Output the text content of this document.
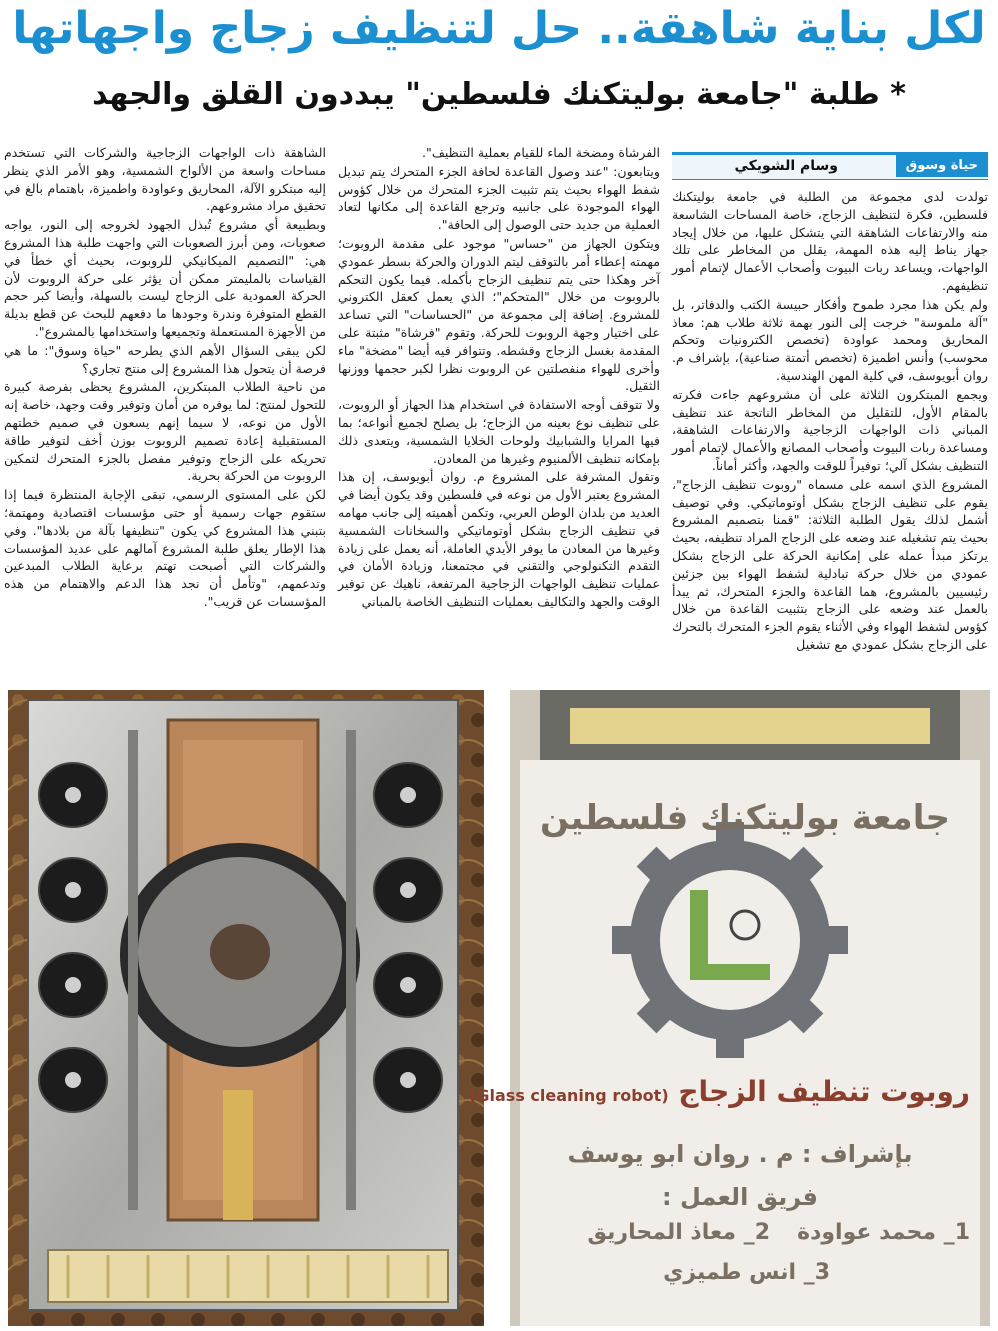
لكل بناية شاهقة.. حل لتنظيف زجاج واجهاتها
* طلبة "جامعة بوليتكنك فلسطين" يبددون القلق والجهد
حياة وسوق
وسام الشويكي

تولدت لدى مجموعة من الطلبة في جامعة بوليتكنك فلسطين، فكرة لتنظيف الزجاج، خاصة المساحات الشاسعة منه والارتفاعات الشاهقة التي يتشكل عليها، من خلال إيجاد جهاز يناط إليه هذه المهمة، يقلل من المخاطر على تلك الواجهات، ويساعد ربات البيوت وأصحاب الأعمال لإتمام أمور تنظيفهم.

ولم يكن هذا مجرد طموح وأفكار حبيسة الكتب والدفاتر، بل "آلة ملموسة" خرجت إلى النور بهمة ثلاثة طلاب هم: معاذ المحاريق ومحمد عواودة (تخصص الكترونيات وتحكم محوسب) وأنس اطميزة (تخصص أتمتة صناعية)، بإشراف م. روان أبويوسف، في كلية المهن الهندسية.

ويجمع المبتكرون الثلاثة على أن مشروعهم جاءت فكرته بالمقام الأول، للتقليل من المخاطر الناتجة عند تنظيف المباني ذات الواجهات الزجاجية والارتفاعات الشاهقة، ومساعدة ربات البيوت وأصحاب المصانع والأعمال لإتمام أمور التنظيف بشكل آلي؛ توفيراً للوقت والجهد، وأكثر أماناً.

المشروع الذي اسمه على مسماه "روبوت تنظيف الزجاج"، يقوم على تنظيف الزجاج بشكل أوتوماتيكي. وفي توصيف أشمل لذلك يقول الطلبة الثلاثة: "قمنا بتصميم المشروع بحيث يتم تشغيله عند وضعه على الزجاج المراد تنظيفه، بحيث يرتكز مبدأ عمله على إمكانية الحركة على الزجاج بشكل عمودي من خلال حركة تبادلية لشفط الهواء بين جزئين رئيسيين بالمشروع، هما القاعدة والجزء المتحرك، ثم يبدأ بالعمل عند وضعه على الزجاج بتثبيت القاعدة من خلال كؤوس لشفط الهواء وفي الأثناء يقوم الجزء المتحرك بالتحرك على الزجاج بشكل عمودي مع تشغيل

الفرشاة ومضخة الماء للقيام بعملية التنظيف".

ويتابعون: "عند وصول القاعدة لحافة الجزء المتحرك يتم تبديل شفط الهواء بحيث يتم تثبيت الجزء المتحرك من خلال كؤوس الهواء الموجودة على جانبيه وترجع القاعدة إلى مكانها لتعاد العملية من جديد حتى الوصول إلى الحافة".

ويتكون الجهاز من "حساس" موجود على مقدمة الروبوت؛ مهمته إعطاء أمر بالتوقف ليتم الدوران والحركة بسطر عمودي آخر وهكذا حتى يتم تنظيف الزجاج بأكمله. فيما يكون التحكم بالروبوت من خلال "المتحكم"؛ الذي يعمل كعقل الكتروني للمشروع. إضافة إلى مجموعة من "الحساسات" التي تساعد على اختيار وجهة الروبوت للحركة. وتقوم "فرشاة" مثبتة على المقدمة بغسل الزجاج وقشطه. وتتوافر فيه أيضا "مضخة" ماء وأخرى للهواء منفصلتين عن الروبوت نظرا لكبر حجمها ووزنها الثقيل.

ولا تتوقف أوجه الاستفادة في استخدام هذا الجهاز أو الروبوت، على تنظيف نوع بعينه من الزجاج؛ بل يصلح لجميع أنواعه؛ بما فيها المرايا والشبابيك ولوحات الخلايا الشمسية، ويتعدى ذلك بإمكانه تنظيف الألمنيوم وغيرها من المعادن.

وتقول المشرفة على المشروع م. روان أبويوسف، إن هذا المشروع يعتبر الأول من نوعه في فلسطين وقد يكون أيضا في العديد من بلدان الوطن العربي، وتكمن أهميته إلى جانب مهامه في تنظيف الزجاج بشكل أوتوماتيكي والسخانات الشمسية وغيرها من المعادن ما يوفر الأيدي العاملة، أنه يعمل على زيادة التقدم التكنولوجي والتقني في مجتمعنا، وزيادة الأمان في عمليات تنظيف الواجهات الزجاجية المرتفعة، ناهيك عن توفير الوقت والجهد والتكاليف بعمليات التنظيف الخاصة بالمباني

الشاهقة ذات الواجهات الزجاجية والشركات التي تستخدم مساحات واسعة من الألواح الشمسية، وهو الأمر الذي ينظر إليه مبتكرو الآلة، المحاريق وعواودة واطميزة، باهتمام بالغ في تحقيق مراد مشروعهم.

وبطبيعة أي مشروع تُبذل الجهود لخروجه إلى النور، يواجه صعوبات، ومن أبرز الصعوبات التي واجهت طلبة هذا المشروع هي: "التصميم الميكانيكي للروبوت، بحيث أي خطأ في القياسات بالمليمتر ممكن أن يؤثر على حركة الروبوت لأن الحركة العمودية على الزجاج ليست بالسهلة، وأيضا كبر حجم القطع المتوفرة وندرة وجودها ما دفعهم للبحث عن قطع بديلة من الأجهزة المستعملة وتجميعها واستخدامها بالمشروع".

لكن يبقى السؤال الأهم الذي يطرحه "حياة وسوق": ما هي فرصة أن يتحول هذا المشروع إلى منتج تجاري؟

من ناحية الطلاب المبتكرين، المشروع يحظى بفرصة كبيرة للتحول لمنتج: لما يوفره من أمان وتوفير وقت وجهد، خاصة إنه الأول من نوعه، لا سيما إنهم يسعون في صميم خطتهم المستقبلية إعادة تصميم الروبوت بوزن أخف لتوفير طاقة تحريكه على الزجاج وتوفير مفصل بالجزء المتحرك لتمكين الروبوت من الحركة بحرية.

لكن على المستوى الرسمي، تبقى الإجابة المنتظرة فيما إذا ستقوم جهات رسمية أو حتى مؤسسات اقتصادية ومهتمة؛ بتبني هذا المشروع كي يكون "تنظيفها بآلة من بلادها". وفي هذا الإطار يعلق طلبة المشروع آمالهم على عديد المؤسسات والشركات التي أصبحت تهتم برعاية الطلاب المبدعين وتدعمهم، "وتأمل أن نجد هذا الدعم والاهتمام من هذه المؤسسات عن قريب".

جامعة بوليتكنك فلسطين
روبوت تنظيف الزجاج (Glass cleaning robot)
بإشراف : م . روان ابو يوسف
فريق العمل :
1_ محمد عواودة
2_ معاذ المحاريق
3_ انس طميزي
